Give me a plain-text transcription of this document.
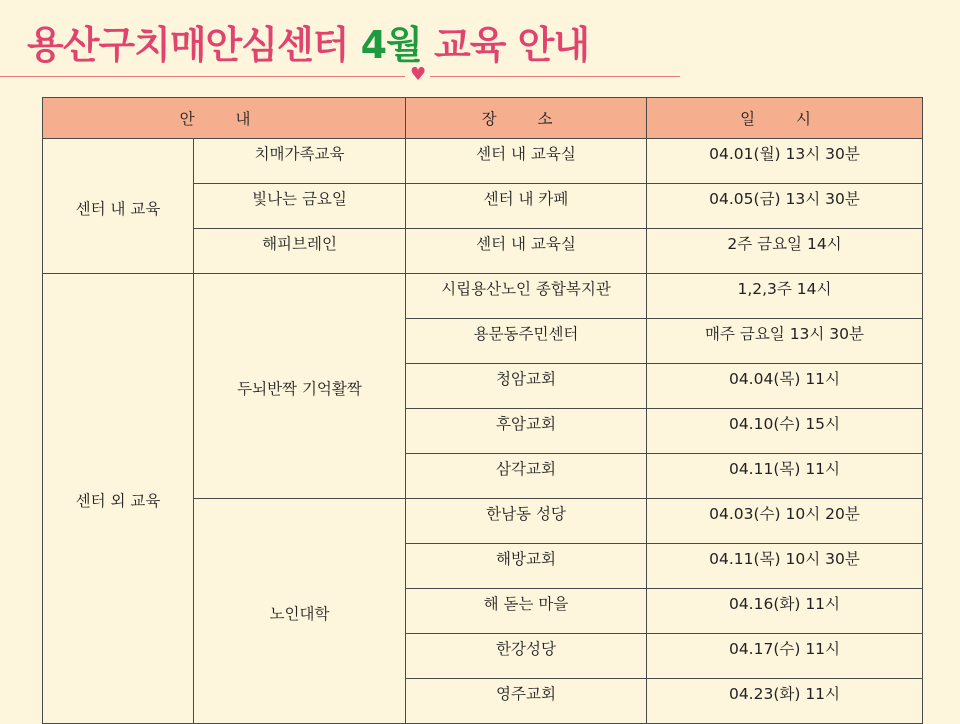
용산구치매안심센터 4월 교육 안내
♥
안 내		장 소	일 시
센터 내 교육	치매가족교육	센터 내 교육실	04.01(월) 13시 30분
	빛나는 금요일	센터 내 카페	04.05(금) 13시 30분
	해피브레인	센터 내 교육실	2주 금요일 14시
센터 외 교육	두뇌반짝 기억활짝	시립용산노인 종합복지관	1,2,3주 14시
		용문동주민센터	매주 금요일 13시 30분
		청암교회	04.04(목) 11시
		후암교회	04.10(수) 15시
		삼각교회	04.11(목) 11시
	노인대학	한남동 성당	04.03(수) 10시 20분
		해방교회	04.11(목) 10시 30분
		해 돋는 마을	04.16(화) 11시
		한강성당	04.17(수) 11시
		영주교회	04.23(화) 11시
